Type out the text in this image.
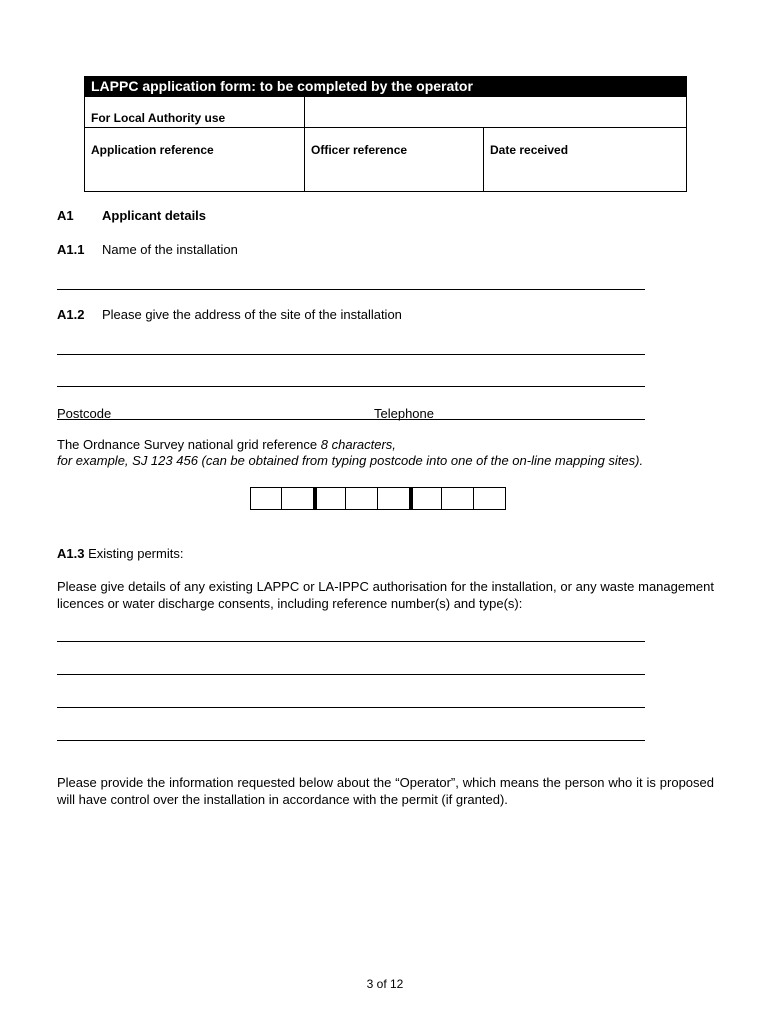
LAPPC application form: to be completed by the operator
For Local Authority use
Application reference	Officer reference	Date received
A1 Applicant details
A1.1 Name of the installation
A1.2 Please give the address of the site of the installation
Postcode	Telephone
The Ordnance Survey national grid reference 8 characters,
for example, SJ 123 456 (can be obtained from typing postcode into one of the on-line mapping sites).
A1.3 Existing permits:
Please give details of any existing LAPPC or LA-IPPC authorisation for the installation, or any waste management licences or water discharge consents, including reference number(s) and type(s):
Please provide the information requested below about the “Operator”, which means the person who it is proposed will have control over the installation in accordance with the permit (if granted).
3 of 12
